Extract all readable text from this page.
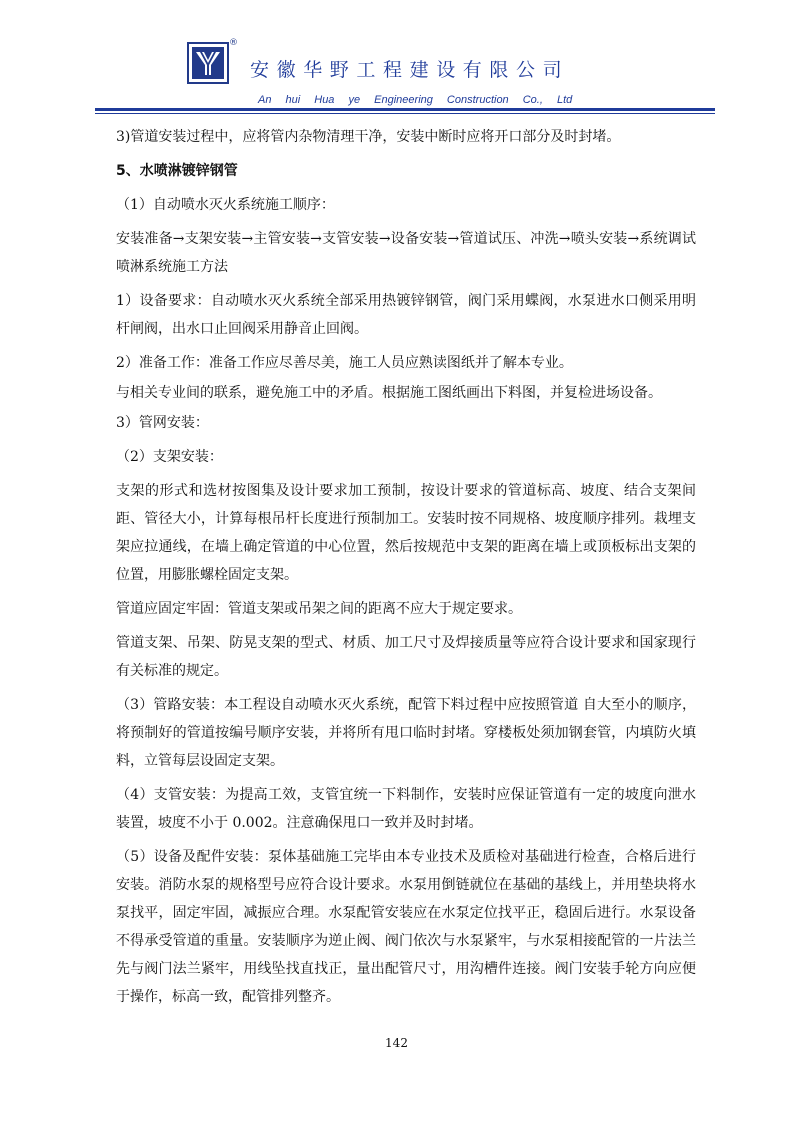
®
安徽华野工程建设有限公司
An hui Hua ye Engineering Construction Co., Ltd

3)管道安装过程中，应将管内杂物清理干净，安装中断时应将开口部分及时封堵。

5、水喷淋镀锌钢管

（1）自动喷水灭火系统施工顺序：

安装准备→支架安装→主管安装→支管安装→设备安装→管道试压、冲洗→喷头安装→系统调试喷淋系统施工方法

1）设备要求：自动喷水灭火系统全部采用热镀锌钢管，阀门采用蝶阀，水泵进水口侧采用明杆闸阀，出水口止回阀采用静音止回阀。

2）准备工作：准备工作应尽善尽美，施工人员应熟读图纸并了解本专业。

与相关专业间的联系，避免施工中的矛盾。根据施工图纸画出下料图，并复检进场设备。

3）管网安装：

（2）支架安装：

支架的形式和选材按图集及设计要求加工预制，按设计要求的管道标高、坡度、结合支架间距、管径大小，计算每根吊杆长度进行预制加工。安装时按不同规格、坡度顺序排列。栽埋支架应拉通线，在墙上确定管道的中心位置，然后按规范中支架的距离在墙上或顶板标出支架的位置，用膨胀螺栓固定支架。

管道应固定牢固：管道支架或吊架之间的距离不应大于规定要求。

管道支架、吊架、防晃支架的型式、材质、加工尺寸及焊接质量等应符合设计要求和国家现行有关标准的规定。

（3）管路安装：本工程设自动喷水灭火系统，配管下料过程中应按照管道 自大至小的顺序，将预制好的管道按编号顺序安装，并将所有甩口临时封堵。穿楼板处须加钢套管，内填防火填料，立管每层设固定支架。

（4）支管安装：为提高工效，支管宜统一下料制作，安装时应保证管道有一定的坡度向泄水装置，坡度不小于 0.002。注意确保甩口一致并及时封堵。

（5）设备及配件安装：泵体基础施工完毕由本专业技术及质检对基础进行检查，合格后进行安装。消防水泵的规格型号应符合设计要求。水泵用倒链就位在基础的基线上，并用垫块将水泵找平，固定牢固，减振应合理。水泵配管安装应在水泵定位找平正，稳固后进行。水泵设备不得承受管道的重量。安装顺序为逆止阀、阀门依次与水泵紧牢，与水泵相接配管的一片法兰先与阀门法兰紧牢，用线坠找直找正，量出配管尺寸，用沟槽件连接。阀门安装手轮方向应便于操作，标高一致，配管排列整齐。

142
